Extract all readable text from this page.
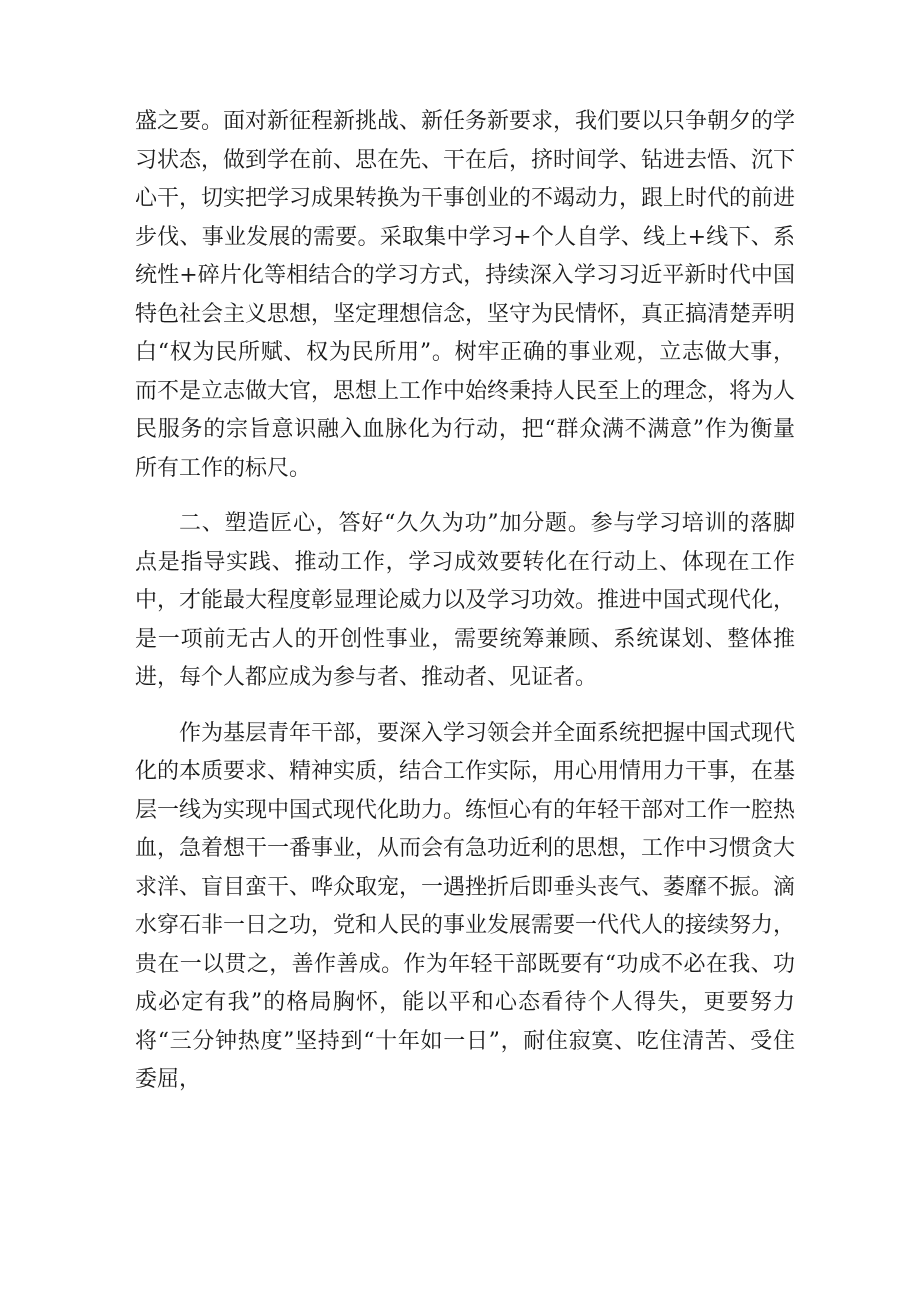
盛之要。面对新征程新挑战、新任务新要求，我们要以只争朝夕的学习状态，做到学在前、思在先、干在后，挤时间学、钻进去悟、沉下心干，切实把学习成果转换为干事创业的不竭动力，跟上时代的前进步伐、事业发展的需要。采取集中学习+个人自学、线上+线下、系统性+碎片化等相结合的学习方式，持续深入学习习近平新时代中国特色社会主义思想，坚定理想信念，坚守为民情怀，真正搞清楚弄明白“权为民所赋、权为民所用”。树牢正确的事业观，立志做大事，而不是立志做大官，思想上工作中始终秉持人民至上的理念，将为人民服务的宗旨意识融入血脉化为行动，把“群众满不满意”作为衡量所有工作的标尺。

二、塑造匠心，答好“久久为功”加分题。参与学习培训的落脚点是指导实践、推动工作，学习成效要转化在行动上、体现在工作中，才能最大程度彰显理论威力以及学习功效。推进中国式现代化，是一项前无古人的开创性事业，需要统筹兼顾、系统谋划、整体推进，每个人都应成为参与者、推动者、见证者。

作为基层青年干部，要深入学习领会并全面系统把握中国式现代化的本质要求、精神实质，结合工作实际，用心用情用力干事，在基层一线为实现中国式现代化助力。练恒心有的年轻干部对工作一腔热血，急着想干一番事业，从而会有急功近利的思想，工作中习惯贪大求洋、盲目蛮干、哗众取宠，一遇挫折后即垂头丧气、萎靡不振。滴水穿石非一日之功，党和人民的事业发展需要一代代人的接续努力，贵在一以贯之，善作善成。作为年轻干部既要有“功成不必在我、功成必定有我”的格局胸怀，能以平和心态看待个人得失，更要努力将“三分钟热度”坚持到“十年如一日”，耐住寂寞、吃住清苦、受住委屈，
